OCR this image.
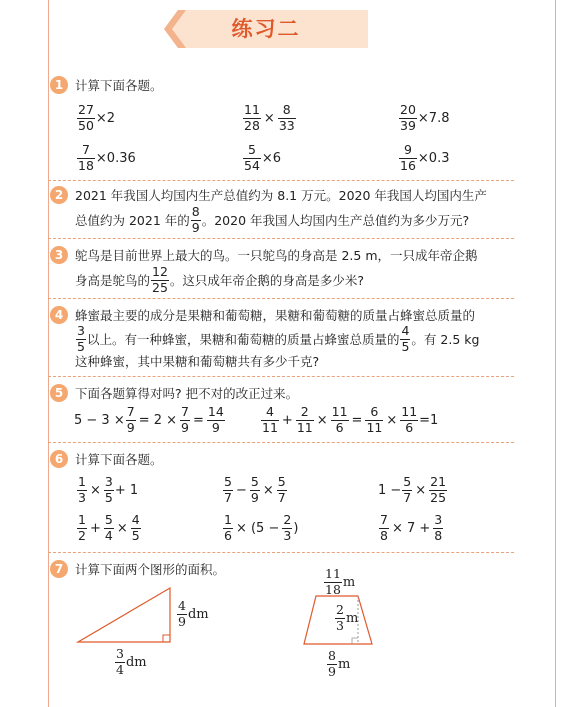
练习二
1 计算下面各题。
27
50 ×2
11
28 ×
8
33
20
39 ×7.8
7
18 ×0.36
5
54 ×6
9
16 ×0.3
2 2021 年我国人均国内生产总值约为 8.1 万元。2020 年我国人均国内生产
总值约为 2021 年的
8
9 。2020 年我国人均国内生产总值约为多少万元?
3 鸵鸟是目前世界上最大的鸟。一只鸵鸟的身高是 2.5 m，一只成年帝企鹅
身高是鸵鸟的
12
25 。这只成年帝企鹅的身高是多少米?
4 蜂蜜最主要的成分是果糖和葡萄糖，果糖和葡萄糖的质量占蜂蜜总质量的
3
5 以上。有一种蜂蜜，果糖和葡萄糖的质量占蜂蜜总质量的
4
5 。有 2.5 kg
这种蜂蜜，其中果糖和葡萄糖共有多少千克?
5 下面各题算得对吗? 把不对的改正过来。
5 − 3 ×
7
9 = 2 ×
7
9 =
14
9
4
11 +
2
11 ×
11
6 =
6
11 ×
11
6 =1
6 计算下面各题。
1
3 ×
3
5 + 1
5
7 −
5
9 ×
5
7	1 −
5
7 ×
21
25
1
2 +
5
4 ×
4
5
1
6 × (5 −
2
3 )
7
8 × 7 +
3
8
7 计算下面两个图形的面积。
4
9 dm
3
4 dm
11
18 m
2
3 m
8
9 m
